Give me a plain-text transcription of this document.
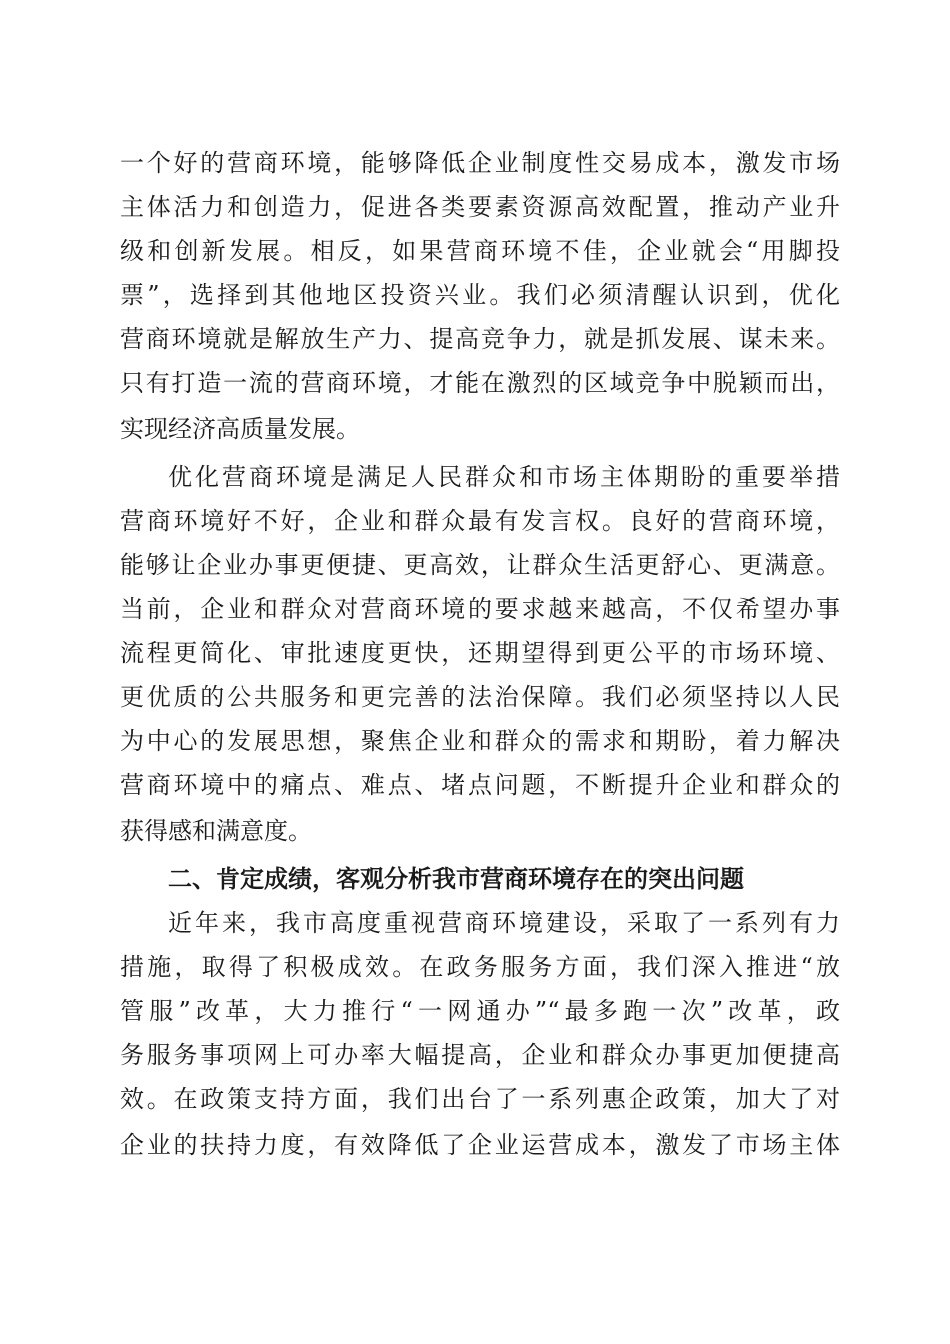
一个好的营商环境，能够降低企业制度性交易成本，激发市场

主体活力和创造力，促进各类要素资源高效配置，推动产业升

级和创新发展。相反，如果营商环境不佳，企业就会“用脚投

票”，选择到其他地区投资兴业。我们必须清醒认识到，优化

营商环境就是解放生产力、提高竞争力，就是抓发展、谋未来。

只有打造一流的营商环境，才能在激烈的区域竞争中脱颖而出，

实现经济高质量发展。

优化营商环境是满足人民群众和市场主体期盼的重要举措

营商环境好不好，企业和群众最有发言权。良好的营商环境，

能够让企业办事更便捷、更高效，让群众生活更舒心、更满意。

当前，企业和群众对营商环境的要求越来越高，不仅希望办事

流程更简化、审批速度更快，还期望得到更公平的市场环境、

更优质的公共服务和更完善的法治保障。我们必须坚持以人民

为中心的发展思想，聚焦企业和群众的需求和期盼，着力解决

营商环境中的痛点、难点、堵点问题，不断提升企业和群众的

获得感和满意度。

二、肯定成绩，客观分析我市营商环境存在的突出问题

近年来，我市高度重视营商环境建设，采取了一系列有力

措施，取得了积极成效。在政务服务方面，我们深入推进“放

管服”改革，大力推行“一网通办”“最多跑一次”改革，政

务服务事项网上可办率大幅提高，企业和群众办事更加便捷高

效。在政策支持方面，我们出台了一系列惠企政策，加大了对

企业的扶持力度，有效降低了企业运营成本，激发了市场主体
